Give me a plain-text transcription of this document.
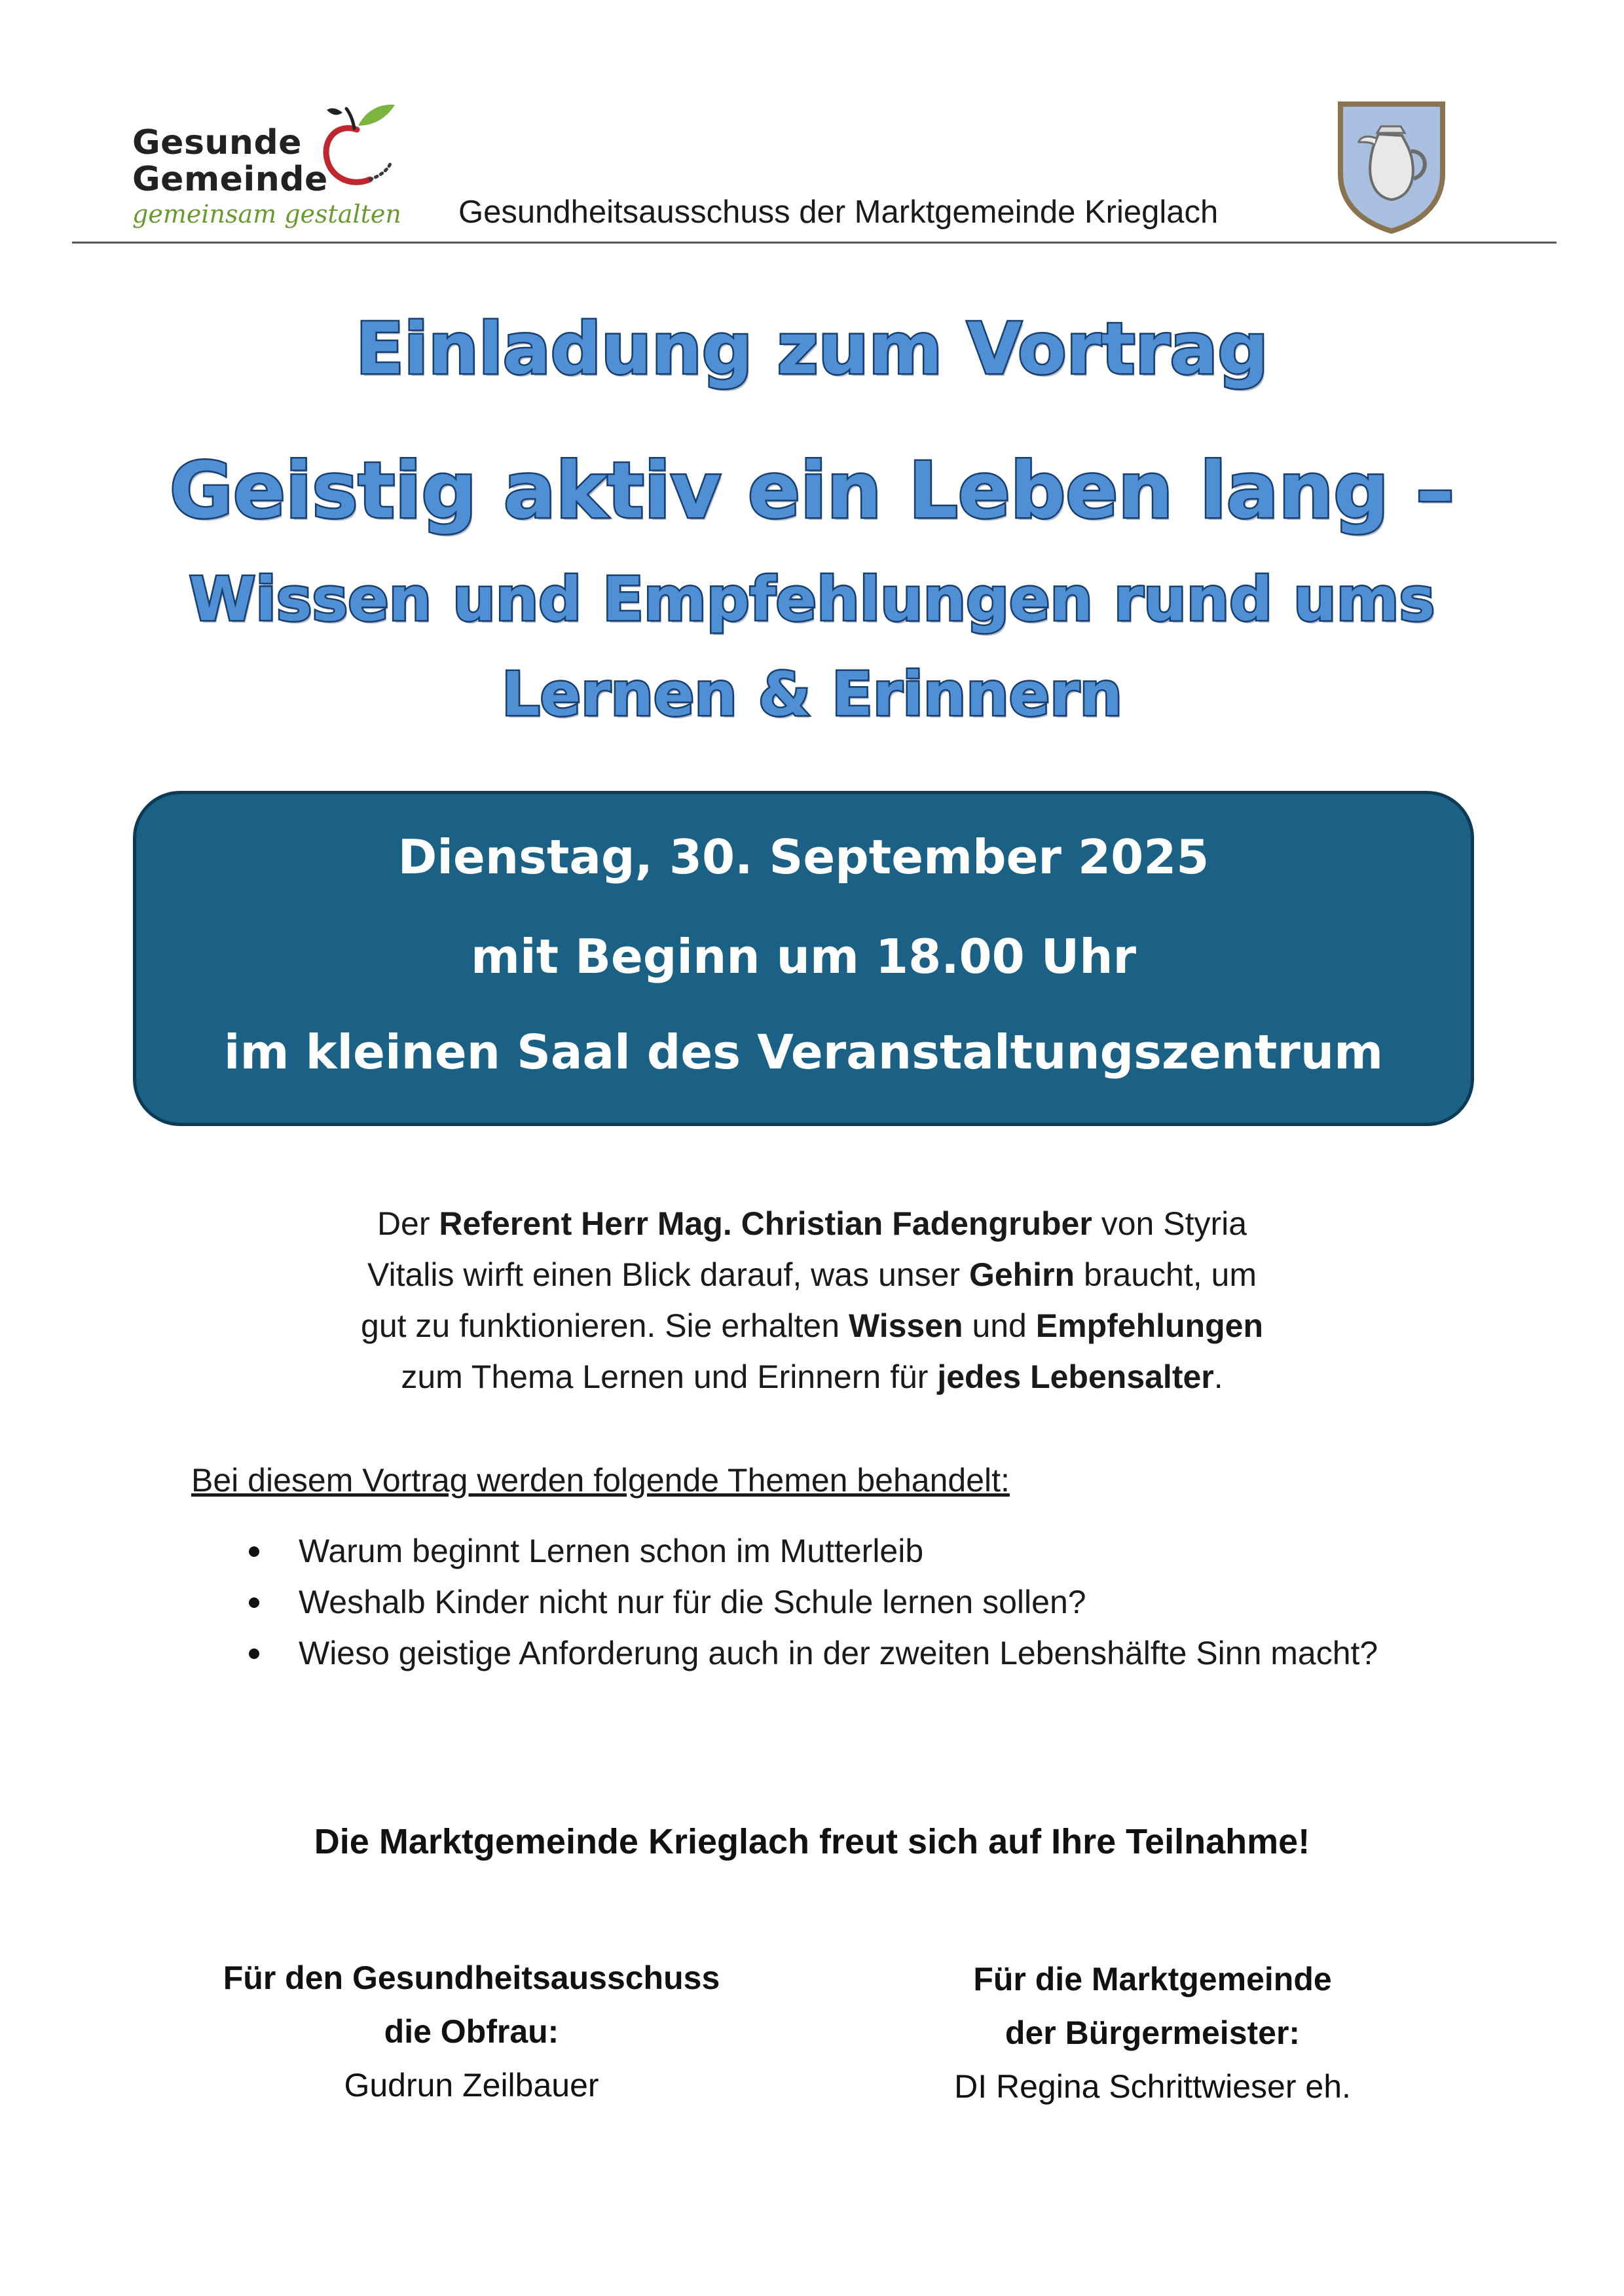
Gesunde
Gemeinde
gemeinsam gestalten Gesundheitsausschuss der Marktgemeinde Krieglach
Einladung zum Vortrag
Geistig aktiv ein Leben lang –
Wissen und Empfehlungen rund ums
Lernen & Erinnern
Dienstag, 30. September 2025
mit Beginn um 18.00 Uhr
im kleinen Saal des Veranstaltungszentrum

Der Referent Herr Mag. Christian Fadengruber von Styria

Vitalis wirft einen Blick darauf, was unser Gehirn braucht, um

gut zu funktionieren. Sie erhalten Wissen und Empfehlungen

zum Thema Lernen und Erinnern für jedes Lebensalter.

Bei diesem Vortrag werden folgende Themen behandelt:
Warum beginnt Lernen schon im Mutterleib
Weshalb Kinder nicht nur für die Schule lernen sollen?
Wieso geistige Anforderung auch in der zweiten Lebenshälfte Sinn macht?
Die Marktgemeinde Krieglach freut sich auf Ihre Teilnahme!
Für den Gesundheitsausschuss
die Obfrau:
Gudrun Zeilbauer
Für die Marktgemeinde
der Bürgermeister:
DI Regina Schrittwieser eh.
